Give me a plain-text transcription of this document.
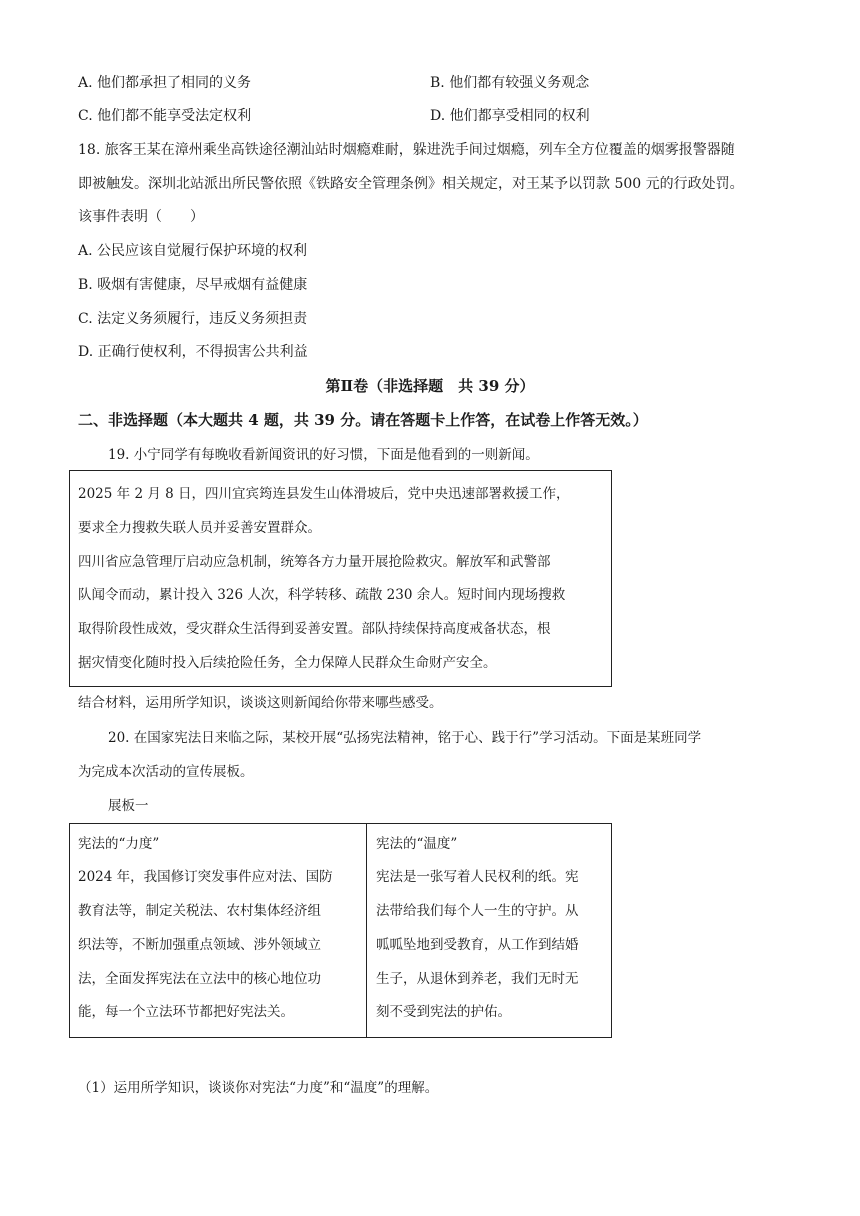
A. 他们都承担了相同的义务	B. 他们都有较强义务观念
C. 他们都不能享受法定权利	D. 他们都享受相同的权利
18. 旅客王某在漳州乘坐高铁途径潮汕站时烟瘾难耐，躲进洗手间过烟瘾，列车全方位覆盖的烟雾报警器随
即被触发。深圳北站派出所民警依照《铁路安全管理条例》相关规定，对王某予以罚款 500 元的行政处罚。
该事件表明（　　）
A. 公民应该自觉履行保护环境的权利
B. 吸烟有害健康，尽早戒烟有益健康
C. 法定义务须履行，违反义务须担责
D. 正确行使权利，不得损害公共利益
第Ⅱ卷（非选择题　共 39 分）
二、非选择题（本大题共 4 题，共 39 分。请在答题卡上作答，在试卷上作答无效。）
19. 小宁同学有每晚收看新闻资讯的好习惯，下面是他看到的一则新闻。
2025 年 2 月 8 日，四川宜宾筠连县发生山体滑坡后，党中央迅速部署救援工作，
要求全力搜救失联人员并妥善安置群众。
四川省应急管理厅启动应急机制，统筹各方力量开展抢险救灾。解放军和武警部
队闻令而动，累计投入 326 人次，科学转移、疏散 230 余人。短时间内现场搜救
取得阶段性成效，受灾群众生活得到妥善安置。部队持续保持高度戒备状态，根
据灾情变化随时投入后续抢险任务，全力保障人民群众生命财产安全。
结合材料，运用所学知识，谈谈这则新闻给你带来哪些感受。
20. 在国家宪法日来临之际，某校开展“弘扬宪法精神，铭于心、践于行”学习活动。下面是某班同学
为完成本次活动的宣传展板。
展板一
宪法的“力度”
2024 年，我国修订突发事件应对法、国防
教育法等，制定关税法、农村集体经济组
织法等，不断加强重点领域、涉外领域立
法，全面发挥宪法在立法中的核心地位功
能，每一个立法环节都把好宪法关。
宪法的“温度”
宪法是一张写着人民权利的纸。宪
法带给我们每个人一生的守护。从
呱呱坠地到受教育，从工作到结婚
生子，从退休到养老，我们无时无
刻不受到宪法的护佑。
（1）运用所学知识，谈谈你对宪法“力度”和“温度”的理解。
